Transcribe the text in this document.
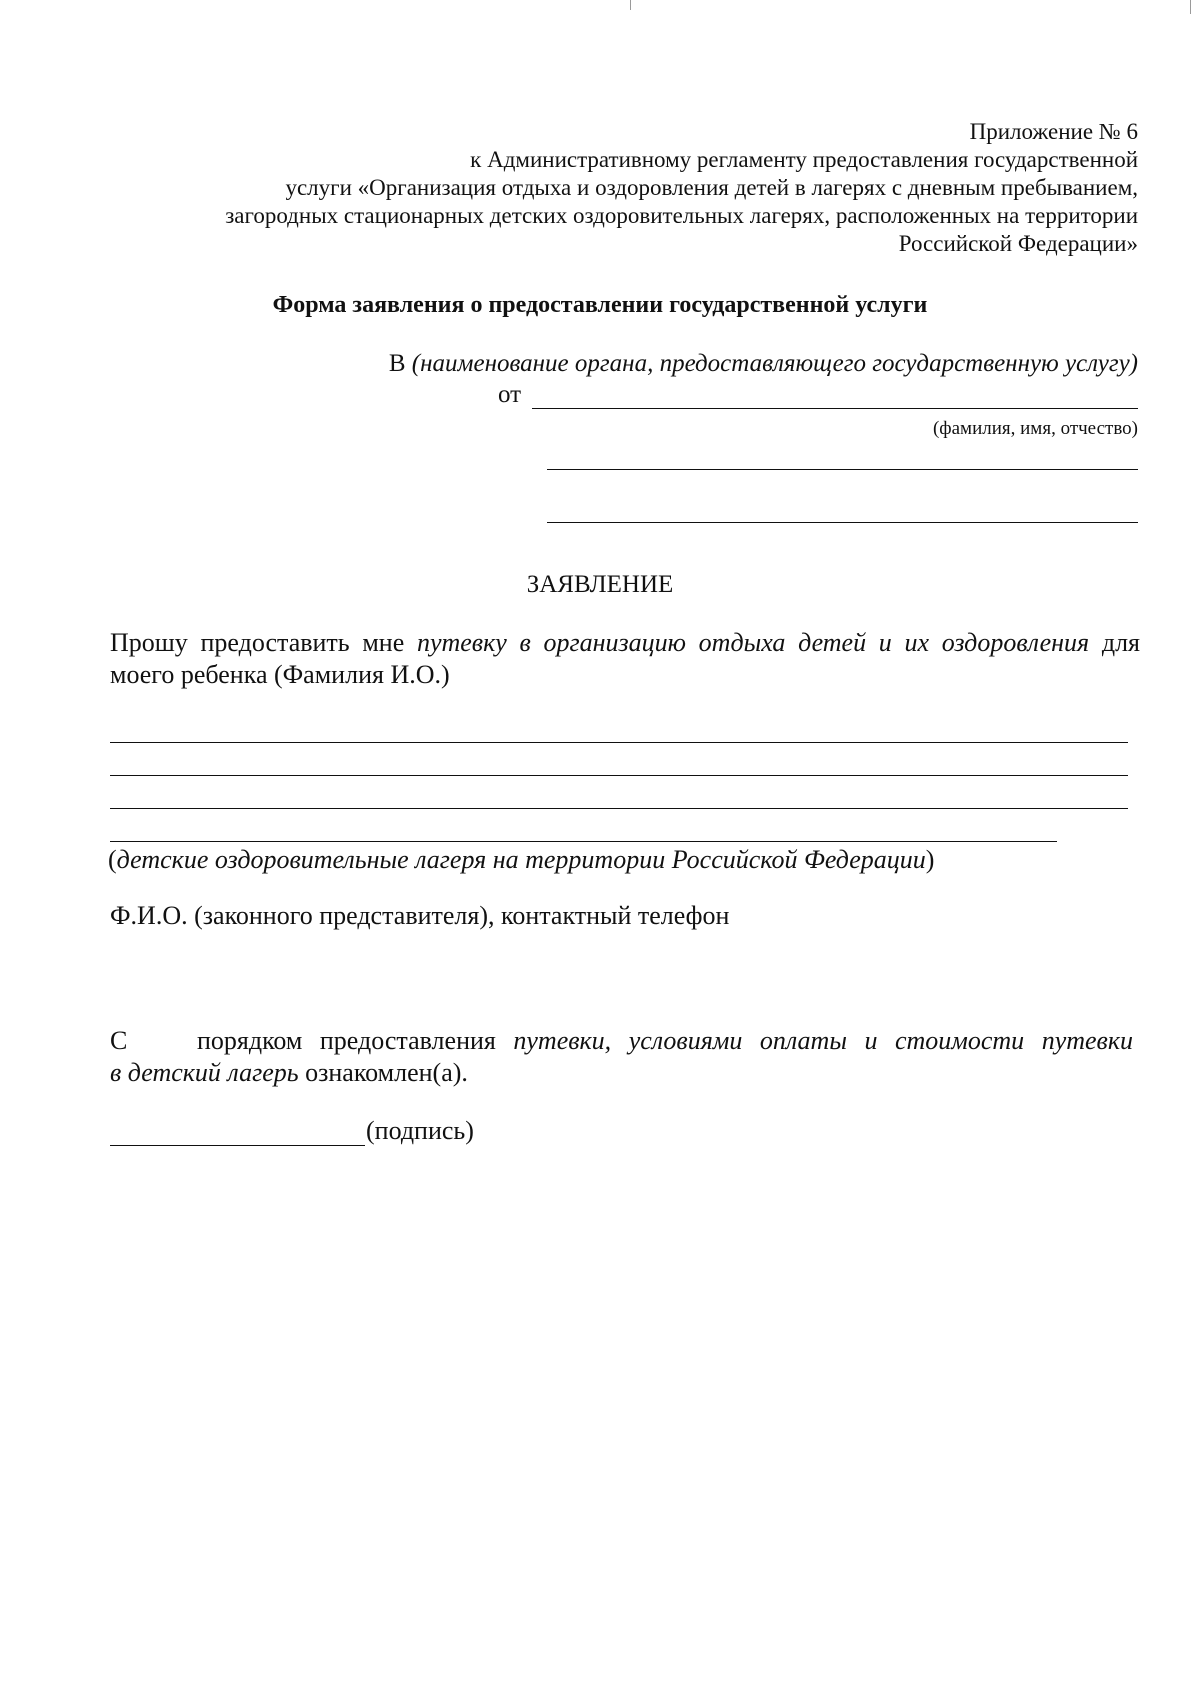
Приложение № 6
к Административному регламенту предоставления государственной
услуги «Организация отдыха и оздоровления детей в лагерях с дневным пребыванием,
загородных стационарных детских оздоровительных лагерях, расположенных на территории
Российской Федерации»
Форма заявления о предоставлении государственной услуги
В (наименование органа, предоставляющего государственную услугу)
от
(фамилия, имя, отчество)
ЗАЯВЛЕНИЕ
Прошу предоставить мне путевку в организацию отдыха детей и их оздоровления для
моего ребенка (Фамилия И.О.)
(детские оздоровительные лагеря на территории Российской Федерации)
Ф.И.О. (законного представителя), контактный телефон
С	порядком предоставления путевки, условиями оплаты и стоимости путевки
в детский лагерь ознакомлен(а).
(подпись)
